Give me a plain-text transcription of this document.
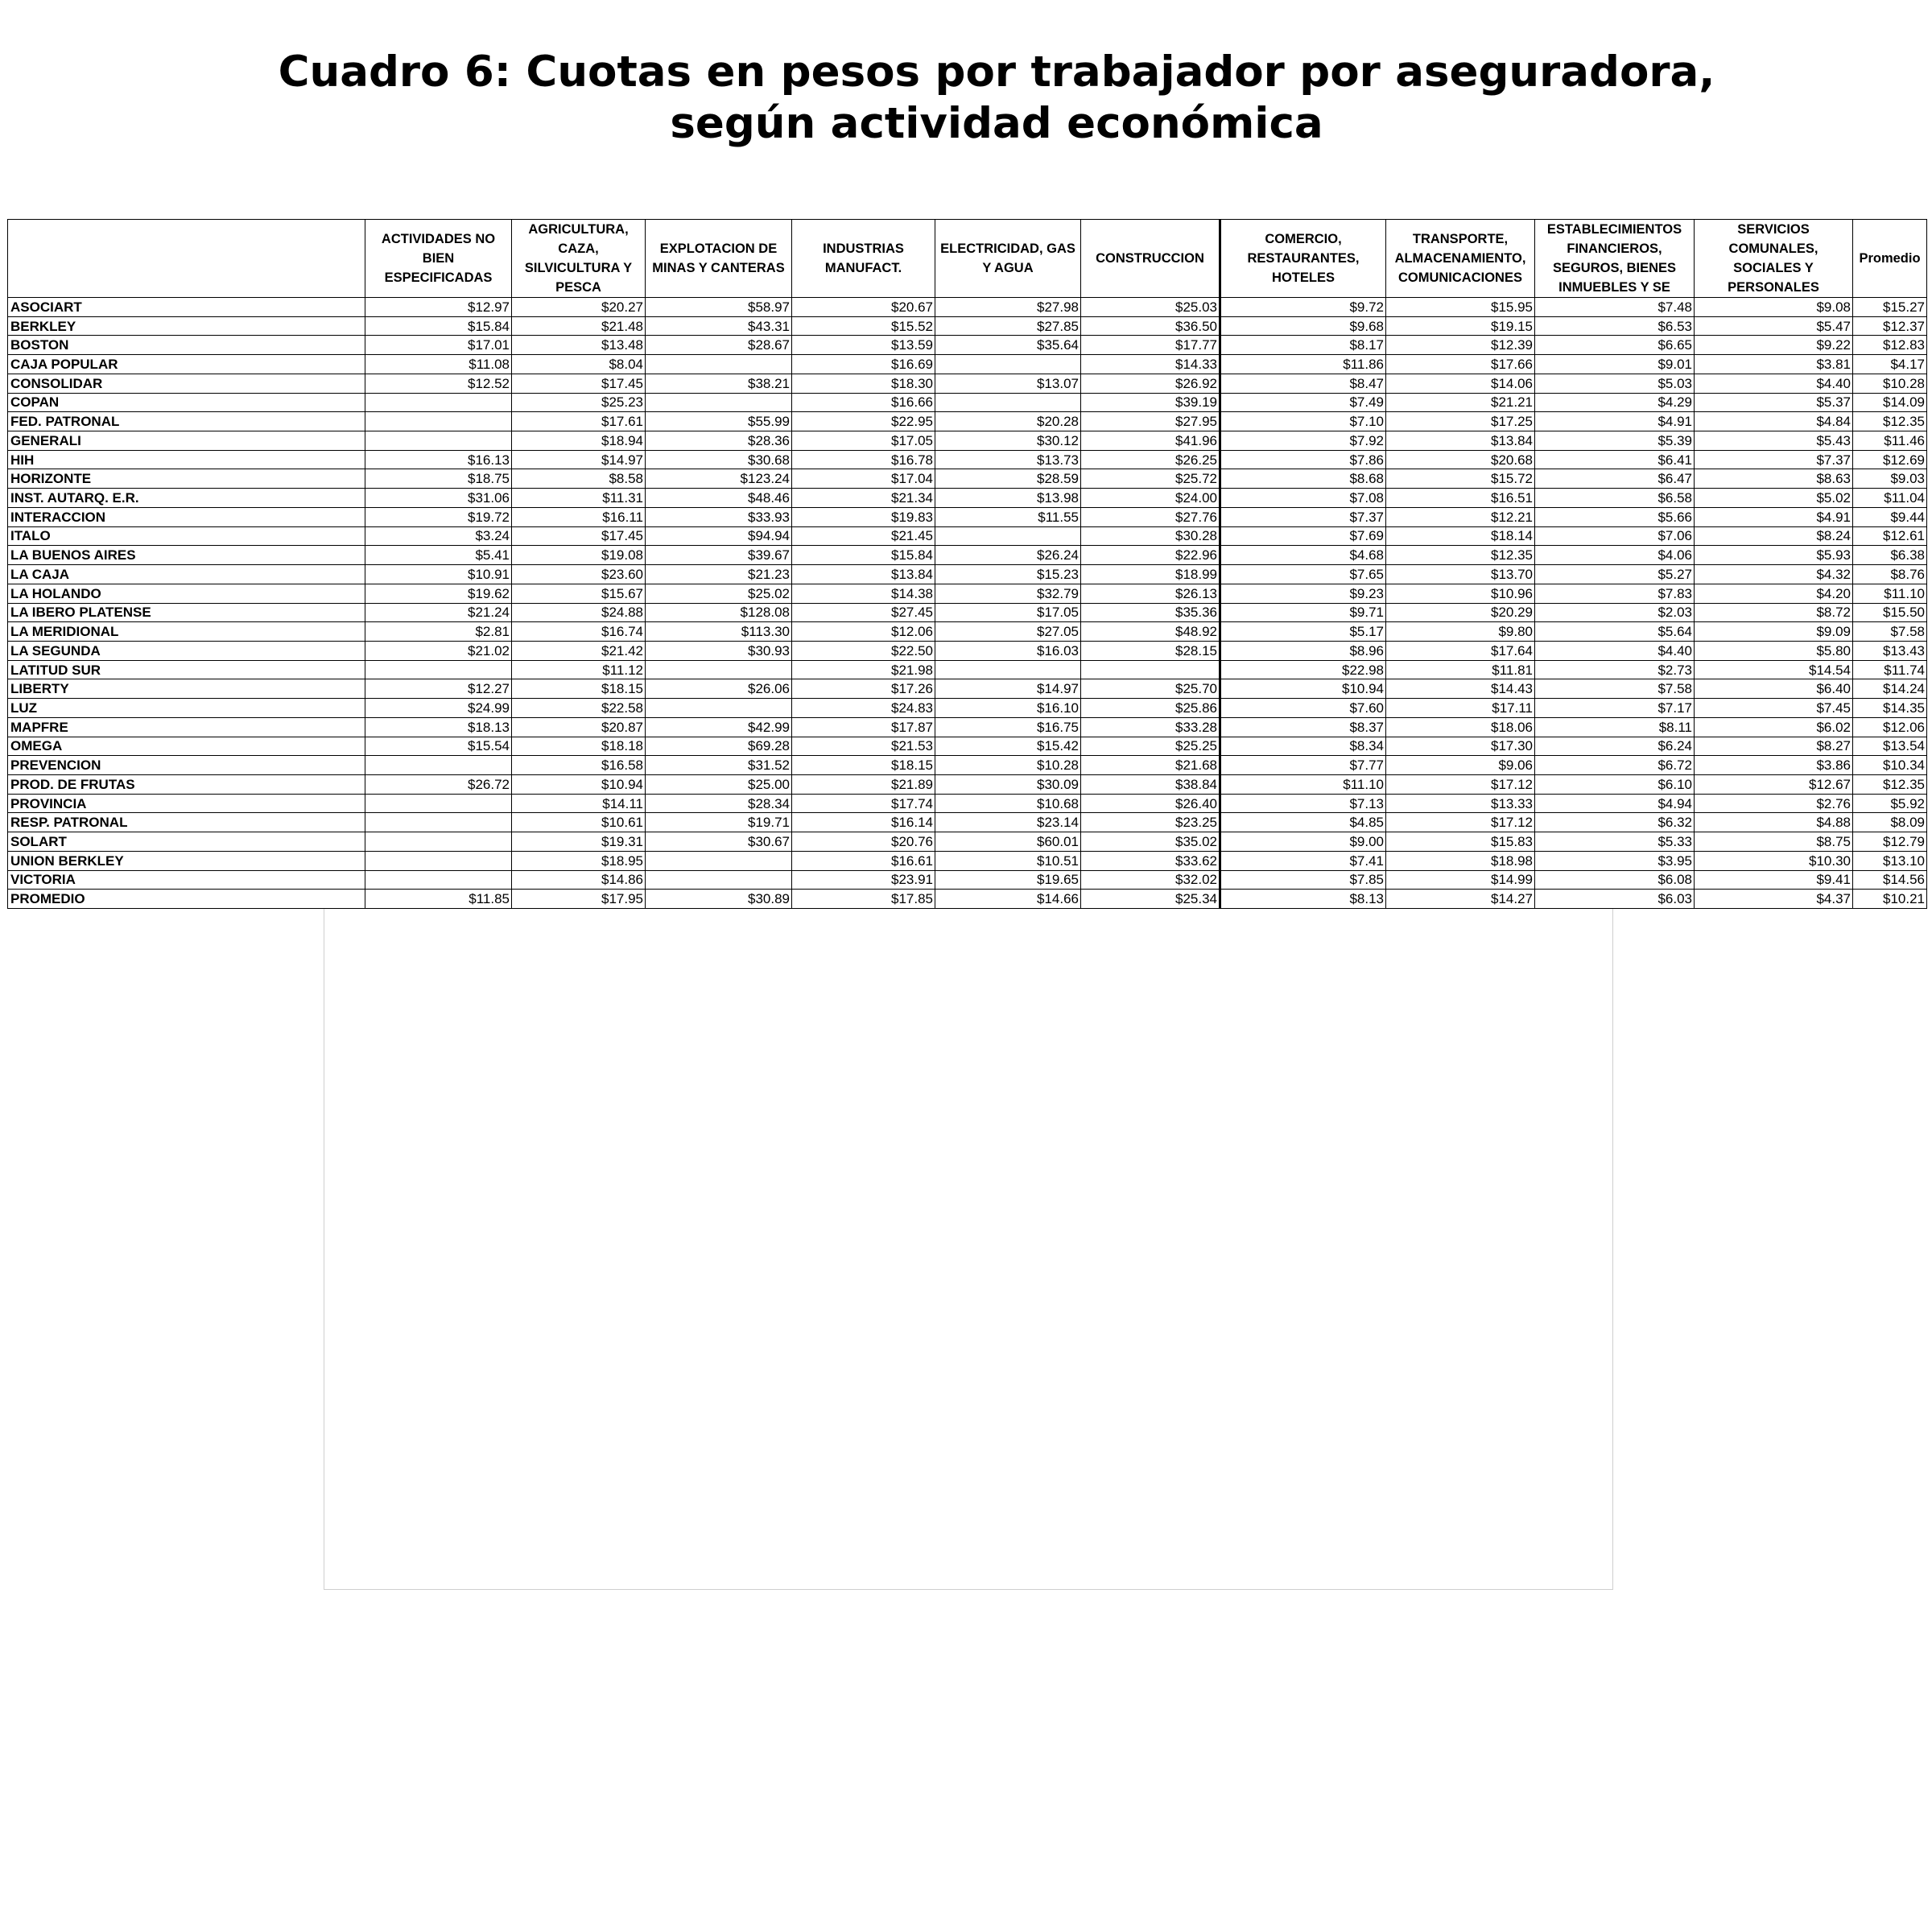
Cuadro 6: Cuotas en pesos por trabajador por aseguradora,
según actividad económica
	ACTIVIDADES NO BIEN ESPECIFICADAS	AGRICULTURA, CAZA, SILVICULTURA Y PESCA	EXPLOTACION DE MINAS Y CANTERAS	INDUSTRIAS MANUFACT.	ELECTRICIDAD, GAS Y AGUA	CONSTRUCCION	COMERCIO, RESTAURANTES, HOTELES	TRANSPORTE, ALMACENAMIENTO, COMUNICACIONES	ESTABLECIMIENTOS FINANCIEROS, SEGUROS, BIENES INMUEBLES Y SE	SERVICIOS COMUNALES, SOCIALES Y PERSONALES	Promedio
ASOCIART	$12.97	$20.27	$58.97	$20.67	$27.98	$25.03	$9.72	$15.95	$7.48	$9.08	$15.27
BERKLEY	$15.84	$21.48	$43.31	$15.52	$27.85	$36.50	$9.68	$19.15	$6.53	$5.47	$12.37
BOSTON	$17.01	$13.48	$28.67	$13.59	$35.64	$17.77	$8.17	$12.39	$6.65	$9.22	$12.83
CAJA POPULAR	$11.08	$8.04		$16.69		$14.33	$11.86	$17.66	$9.01	$3.81	$4.17
CONSOLIDAR	$12.52	$17.45	$38.21	$18.30	$13.07	$26.92	$8.47	$14.06	$5.03	$4.40	$10.28
COPAN		$25.23		$16.66		$39.19	$7.49	$21.21	$4.29	$5.37	$14.09
FED. PATRONAL		$17.61	$55.99	$22.95	$20.28	$27.95	$7.10	$17.25	$4.91	$4.84	$12.35
GENERALI		$18.94	$28.36	$17.05	$30.12	$41.96	$7.92	$13.84	$5.39	$5.43	$11.46
HIH	$16.13	$14.97	$30.68	$16.78	$13.73	$26.25	$7.86	$20.68	$6.41	$7.37	$12.69
HORIZONTE	$18.75	$8.58	$123.24	$17.04	$28.59	$25.72	$8.68	$15.72	$6.47	$8.63	$9.03
INST. AUTARQ. E.R.	$31.06	$11.31	$48.46	$21.34	$13.98	$24.00	$7.08	$16.51	$6.58	$5.02	$11.04
INTERACCION	$19.72	$16.11	$33.93	$19.83	$11.55	$27.76	$7.37	$12.21	$5.66	$4.91	$9.44
ITALO	$3.24	$17.45	$94.94	$21.45		$30.28	$7.69	$18.14	$7.06	$8.24	$12.61
LA BUENOS AIRES	$5.41	$19.08	$39.67	$15.84	$26.24	$22.96	$4.68	$12.35	$4.06	$5.93	$6.38
LA CAJA	$10.91	$23.60	$21.23	$13.84	$15.23	$18.99	$7.65	$13.70	$5.27	$4.32	$8.76
LA HOLANDO	$19.62	$15.67	$25.02	$14.38	$32.79	$26.13	$9.23	$10.96	$7.83	$4.20	$11.10
LA IBERO PLATENSE	$21.24	$24.88	$128.08	$27.45	$17.05	$35.36	$9.71	$20.29	$2.03	$8.72	$15.50
LA MERIDIONAL	$2.81	$16.74	$113.30	$12.06	$27.05	$48.92	$5.17	$9.80	$5.64	$9.09	$7.58
LA SEGUNDA	$21.02	$21.42	$30.93	$22.50	$16.03	$28.15	$8.96	$17.64	$4.40	$5.80	$13.43
LATITUD SUR		$11.12		$21.98			$22.98	$11.81	$2.73	$14.54	$11.74
LIBERTY	$12.27	$18.15	$26.06	$17.26	$14.97	$25.70	$10.94	$14.43	$7.58	$6.40	$14.24
LUZ	$24.99	$22.58		$24.83	$16.10	$25.86	$7.60	$17.11	$7.17	$7.45	$14.35
MAPFRE	$18.13	$20.87	$42.99	$17.87	$16.75	$33.28	$8.37	$18.06	$8.11	$6.02	$12.06
OMEGA	$15.54	$18.18	$69.28	$21.53	$15.42	$25.25	$8.34	$17.30	$6.24	$8.27	$13.54
PREVENCION		$16.58	$31.52	$18.15	$10.28	$21.68	$7.77	$9.06	$6.72	$3.86	$10.34
PROD. DE FRUTAS	$26.72	$10.94	$25.00	$21.89	$30.09	$38.84	$11.10	$17.12	$6.10	$12.67	$12.35
PROVINCIA		$14.11	$28.34	$17.74	$10.68	$26.40	$7.13	$13.33	$4.94	$2.76	$5.92
RESP. PATRONAL		$10.61	$19.71	$16.14	$23.14	$23.25	$4.85	$17.12	$6.32	$4.88	$8.09
SOLART		$19.31	$30.67	$20.76	$60.01	$35.02	$9.00	$15.83	$5.33	$8.75	$12.79
UNION BERKLEY		$18.95		$16.61	$10.51	$33.62	$7.41	$18.98	$3.95	$10.30	$13.10
VICTORIA		$14.86		$23.91	$19.65	$32.02	$7.85	$14.99	$6.08	$9.41	$14.56
PROMEDIO	$11.85	$17.95	$30.89	$17.85	$14.66	$25.34	$8.13	$14.27	$6.03	$4.37	$10.21
